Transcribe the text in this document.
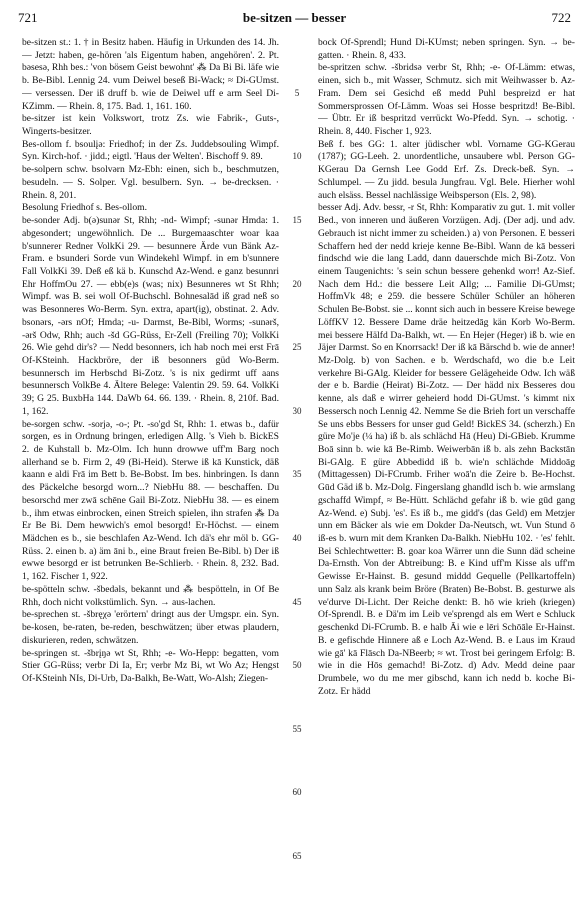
721	be-sitzen — besser	722

be-sitzen st.: 1. † in Besitz haben. Häufig in Urkunden des 14. Jh. — Jetzt: haben, ge-hören 'als Eigentum haben, angehören'. 2. Pt. bəsesə, Rhh bes.: 'von bösem Geist bewohnt' ⁂ Da Bi Bi. läfe wie b. Be-Bibl. Lennig 24. vum Deiwel beseß Bi-Wack; ≈ Di-GUmst. — versessen. Der iß druff b. wie de Deiwel uff e arm Seel Di-KZimm. — Rhein. 8, 175. Bad. 1, 161. 160.

be-sitzer ist kein Volkswort, trotz Zs. wie Fabrik-, Guts-, Wingerts-besitzer.

Bes-ollom f. bsoulįə: Friedhof; in der Zs. Juddebsouling Wimpf. Syn. Kirch-hof. · jidd.; eigtl. 'Haus der Welten'. Bischoff 9. 89.

be-solpern schw. bsolvərn Mz-Ebh: einen, sich b., beschmutzen, besudeln. — S. Solper. Vgl. besulbern. Syn. → be-drecksen. · Rhein. 8, 201.

Besolung Friedhof s. Bes-ollom.

be-sonder Adj. b(ə)sunər St, Rhh; -nd- Wimpf; -sunər Hmda: 1. abgesondert; ungewöhnlich. De ... Burgemaaschter woar kaa b'sunnerer Redner VolkKi 29. — besunnere Ärde vun Bänk Az-Fram. e bsunderi Sorde vun Windekehl Wimpf. in em b'sunnere Fall VolkKi 39. Deß eß kä b. Kunschd Az-Wend. e ganz besunnri Ehr HoffmOu 27. — ebb(e)s (was; nix) Besunneres wt St Rhh; Wimpf. was B. sei woll Of-Buchschl. Bohnesalād iß grad neß so was Besonneres Wo-Berm. Syn. extra, apart(ig), obstinat. 2. Adv. bsonərs, -ərs nOf; Hmda; -u- Darmst, Be-Bibl, Worms; -sunərš, -ərš Odw, Rhh; auch -šd GG-Rüss, Er-Zell (Freiling 70); VolkKi 26. Wie gehd dir's? — Nedd besonners, ich hab noch mei erst Frā Of-KSteinh. Hackbröre, der iß besonners güd Wo-Berm. besunnersch im Herbschd Bi-Zotz. 's is nix gedirmt uff aans besunnersch VolkBe 4. Ältere Belege: Valentin 29. 59. 64. VolkKi 39; G 25. BuxbHa 144. DaWb 64. 66. 139. · Rhein. 8, 210f. Bad. 1, 162.

be-sorgen schw. -sorjə, -o-; Pt. -so'gd St, Rhh: 1. etwas b., dafür sorgen, es in Ordnung bringen, erledigen Allg. 's Vieh b. BickES 2. de Kuhstall b. Mz-Olm. Ich hunn drowwe uff'm Barg noch allerhand se b. Firm 2, 49 (Bi-Heid). Sterwe iß kā Kunstick, däß kaann e aldi Frā im Bett b. Be-Bobst. Im bes. hinbringen. Is dann des Päckelche besorgd worn...? NiebHu 88. — beschaffen. Du besorschd mer zwā schēne Gail Bi-Zotz. NiebHu 38. — es einem b., ihm etwas einbrocken, einen Streich spielen, ihn strafen ⁂ Da Er Be Bi. Dem hewwich's emol besorgd! Er-Höchst. — einem Mädchen es b., sie beschlafen Az-Wend. Ich dä's ehr möl b. GG-Rüss. 2. einen b. a) äm āni b., eine Braut freien Be-Bibl. b) Der iß ewwe besorgd er ist betrunken Be-Schlierb. · Rhein. 8, 232. Bad. 1, 162. Fischer 1, 922.

be-spötteln schw. -šbedəls, bekannt und ⁂ bespötteln, in Of Be Rhh, doch nicht volkstümlich. Syn. → aus-lachen.

be-sprechen st. -šbręχə 'erörtern' dringt aus der Umgspr. ein. Syn. be-kosen, be-raten, be-reden, beschwätzen; über etwas plaudern, diskurieren, reden, schwätzen.

be-springen st. -šbrįŋə wt St, Rhh; -e- Wo-Hepp: begatten, vom Stier GG-Rüss; verbr Di Ia, Er; verbr Mz Bi, wt Wo Az; Hengst Of-KSteinh NIs, Di-Urb, Da-Balkh, Be-Watt, Wo-Alsh; Ziegen-

5
10
15
20
25
30
35
40
45
50
55
60
65

bock Of-Sprendl; Hund Di-KUmst; neben springen. Syn. → be-gatten. · Rhein. 8, 433.

be-spritzen schw. -šbridsə verbr St, Rhh; -e- Of-Lämm: etwas, einen, sich b., mit Wasser, Schmutz. sich mit Weihwasser b. Az-Fram. Dem sei Gesichd eß medd Puhl bespreizd er hat Sommersprossen Of-Lämm. Woas sei Hosse bespritzd! Be-Bibl. — Übtr. Er iß bespritzd verrückt Wo-Pfedd. Syn. → schotig. · Rhein. 8, 440. Fischer 1, 923.

Beß f. bes GG: 1. alter jüdischer wbl. Vorname GG-KGerau (1787); GG-Leeh. 2. unordentliche, unsaubere wbl. Person GG-KGerau Da Gernsh Lee Godd Erf. Zs. Dreck-beß. Syn. → Schlumpel. — Zu jidd. besula Jungfrau. Vgl. Bele. Hierher wohl auch elsäss. Bessel nachlässige Weibsperson (Els. 2, 98).

besser Adj. Adv. bessr, -r St, Rhh: Komparativ zu gut. 1. mit voller Bed., von inneren und äußeren Vorzügen. Adj. (Der adj. und adv. Gebrauch ist nicht immer zu scheiden.) a) von Personen. E besseri Schaffern hed der nedd krieje kenne Be-Bibl. Wann de kā besseri findschd wie die lang Ladd, dann dauerschde mich Bi-Zotz. Von einem Taugenichts: 's sein schun bessere gehenkd worr! Az-Sief. Nach dem Hd.: die bessere Leit Allg; ... Familie Di-GUmst; HoffmVk 48; e 259. die bessere Schüler Schüler an höheren Schulen Be-Bobst. sie ... konnt sich auch in bessere Kreise bewege LöffKV 12. Bessere Dame dräe heitzedāg kän Korb Wo-Berm. mei bessere Hälfd Da-Balkh, wt. — En Hejer (Heger) iß b. wie en Jäjer Darmst. So en Knorrsack! Der iß kā Bärschd b. wie de anner! Mz-Dolg. b) von Sachen. e b. Werdschafd, wo die b.e Leit verkehre Bi-GAlg. Kleider for bessere Gelägeheide Odw. Ich wäß der e b. Bardie (Heirat) Bi-Zotz. — Der hädd nix Besseres dou kenne, als daß e wirrer geheierd hodd Di-GUmst. 's kimmt nix Bessersch noch Lennig 42. Nemme Se die Brieh fort un verschaffe Se uns ebbs Bessers for unser gud Geld! BickES 34. (scherzh.) En güre Mo'je (¼ ha) iß b. als schlächd Hā (Heu) Di-GBieb. Krumme Boā sinn b. wie kā Be-Rimb. Weiwerbān iß b. als zehn Backstān Bi-GAlg. E güre Abbedidd iß b. wie'n schlächde Middoāg (Mittagessen) Di-FCrumb. Friher woā'n die Zeire b. Be-Hochst. Gūd Gäd iß b. Mz-Dolg. Fingerslang ghandld isch b. wie armslang gschaffd Wimpf, ≈ Be-Hütt. Schlächd gefahr iß b. wie gūd gang Az-Wend. e) Subj. 'es'. Es iß b., me gidd's (das Geld) em Metzjer unn em Bäcker als wie em Dokder Da-Neutsch, wt. Vun Stund ō iß-es b. wurn mit dem Kranken Da-Balkh. NiebHu 102. · 'es' fehlt. Bei Schlechtwetter: B. goar koa Wärrer unn die Sunn däd scheine Da-Ernsth. Von der Abtreibung: B. e Kind uff'm Kisse als uff'm Gewisse Er-Hainst. B. gesund middd Gequelle (Pellkartoffeln) unn Salz als krank beim Bröre (Braten) Be-Bobst. B. gesturwe als ve'durve Di-Licht. Der Reiche denkt: B. hō wie krieh (kriegen) Of-Sprendl. B. e Dä'm im Leib ve'sprengd als em Wert e Schluck geschenkd Di-FCrumb. B. e halb Āi wie e lēri Schōāle Er-Hainst. B. e gefischde Hinnere aß e Loch Az-Wend. B. e Laus im Kraud wie gā' kā Flāsch Da-NBeerb; ≈ wt. Trost bei geringem Erfolg: B. wie in die Hōs gemachd! Bi-Zotz. d) Adv. Medd deine paar Drumbele, wo du me mer gibschd, kann ich nedd b. koche Bi-Zotz. Er hädd
